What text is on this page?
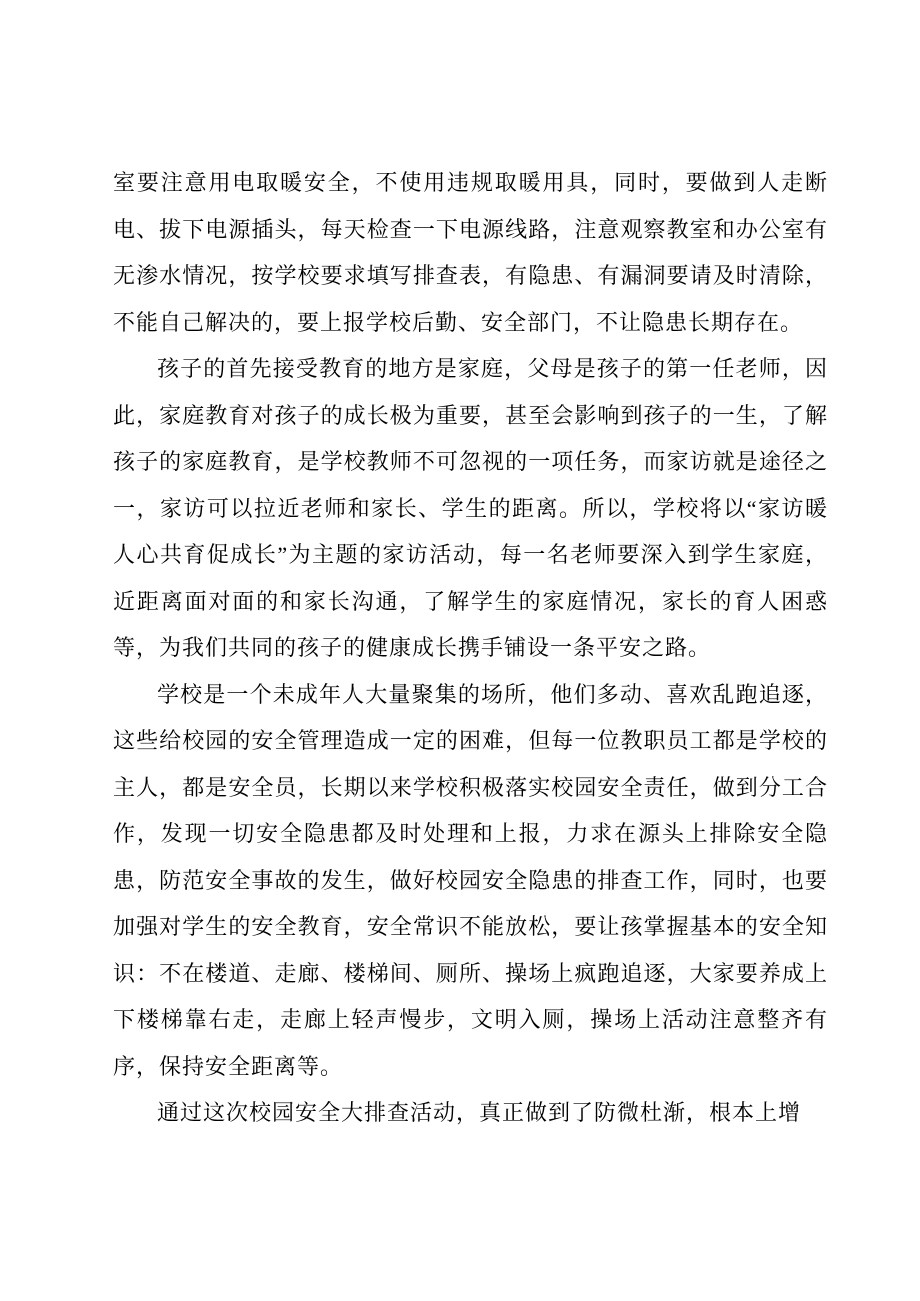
室要注意用电取暖安全，不使用违规取暖用具，同时，要做到人走断电、拔下电源插头，每天检查一下电源线路，注意观察教室和办公室有无渗水情况，按学校要求填写排查表，有隐患、有漏洞要请及时清除，不能自己解决的，要上报学校后勤、安全部门，不让隐患长期存在。

孩子的首先接受教育的地方是家庭，父母是孩子的第一任老师，因此，家庭教育对孩子的成长极为重要，甚至会影响到孩子的一生，了解孩子的家庭教育，是学校教师不可忽视的一项任务，而家访就是途径之一，家访可以拉近老师和家长、学生的距离。所以，学校将以“家访暖人心共育促成长”为主题的家访活动，每一名老师要深入到学生家庭，近距离面对面的和家长沟通，了解学生的家庭情况，家长的育人困惑等，为我们共同的孩子的健康成长携手铺设一条平安之路。

学校是一个未成年人大量聚集的场所，他们多动、喜欢乱跑追逐，这些给校园的安全管理造成一定的困难，但每一位教职员工都是学校的主人，都是安全员，长期以来学校积极落实校园安全责任，做到分工合作，发现一切安全隐患都及时处理和上报，力求在源头上排除安全隐患，防范安全事故的发生，做好校园安全隐患的排查工作，同时，也要加强对学生的安全教育，安全常识不能放松，要让孩掌握基本的安全知识：不在楼道、走廊、楼梯间、厕所、操场上疯跑追逐，大家要养成上下楼梯靠右走，走廊上轻声慢步，文明入厕，操场上活动注意整齐有序，保持安全距离等。

通过这次校园安全大排查活动，真正做到了防微杜渐，根本上增
